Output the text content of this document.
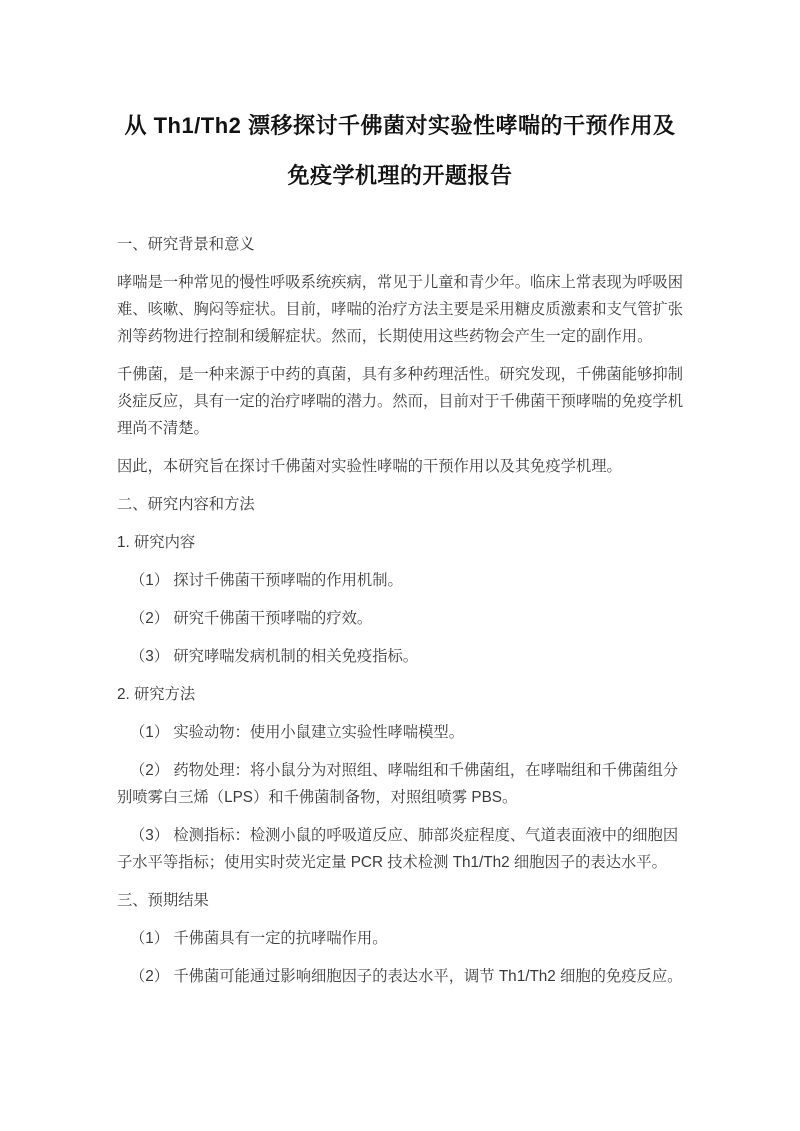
从 Th1/Th2 漂移探讨千佛菌对实验性哮喘的干预作用及免疫学机理的开题报告

一、研究背景和意义

哮喘是一种常见的慢性呼吸系统疾病，常见于儿童和青少年。临床上常表现为呼吸困难、咳嗽、胸闷等症状。目前，哮喘的治疗方法主要是采用糖皮质激素和支气管扩张剂等药物进行控制和缓解症状。然而，长期使用这些药物会产生一定的副作用。

千佛菌，是一种来源于中药的真菌，具有多种药理活性。研究发现，千佛菌能够抑制炎症反应，具有一定的治疗哮喘的潜力。然而，目前对于千佛菌干预哮喘的免疫学机理尚不清楚。

因此，本研究旨在探讨千佛菌对实验性哮喘的干预作用以及其免疫学机理。

二、研究内容和方法

1. 研究内容

（1） 探讨千佛菌干预哮喘的作用机制。

（2） 研究千佛菌干预哮喘的疗效。

（3） 研究哮喘发病机制的相关免疫指标。

2. 研究方法

（1） 实验动物：使用小鼠建立实验性哮喘模型。

（2） 药物处理：将小鼠分为对照组、哮喘组和千佛菌组，在哮喘组和千佛菌组分别喷雾白三烯（LPS）和千佛菌制备物，对照组喷雾 PBS。

（3） 检测指标：检测小鼠的呼吸道反应、肺部炎症程度、气道表面液中的细胞因子水平等指标；使用实时荧光定量 PCR 技术检测 Th1/Th2 细胞因子的表达水平。

三、预期结果

（1） 千佛菌具有一定的抗哮喘作用。

（2） 千佛菌可能通过影响细胞因子的表达水平，调节 Th1/Th2 细胞的免疫反应。
